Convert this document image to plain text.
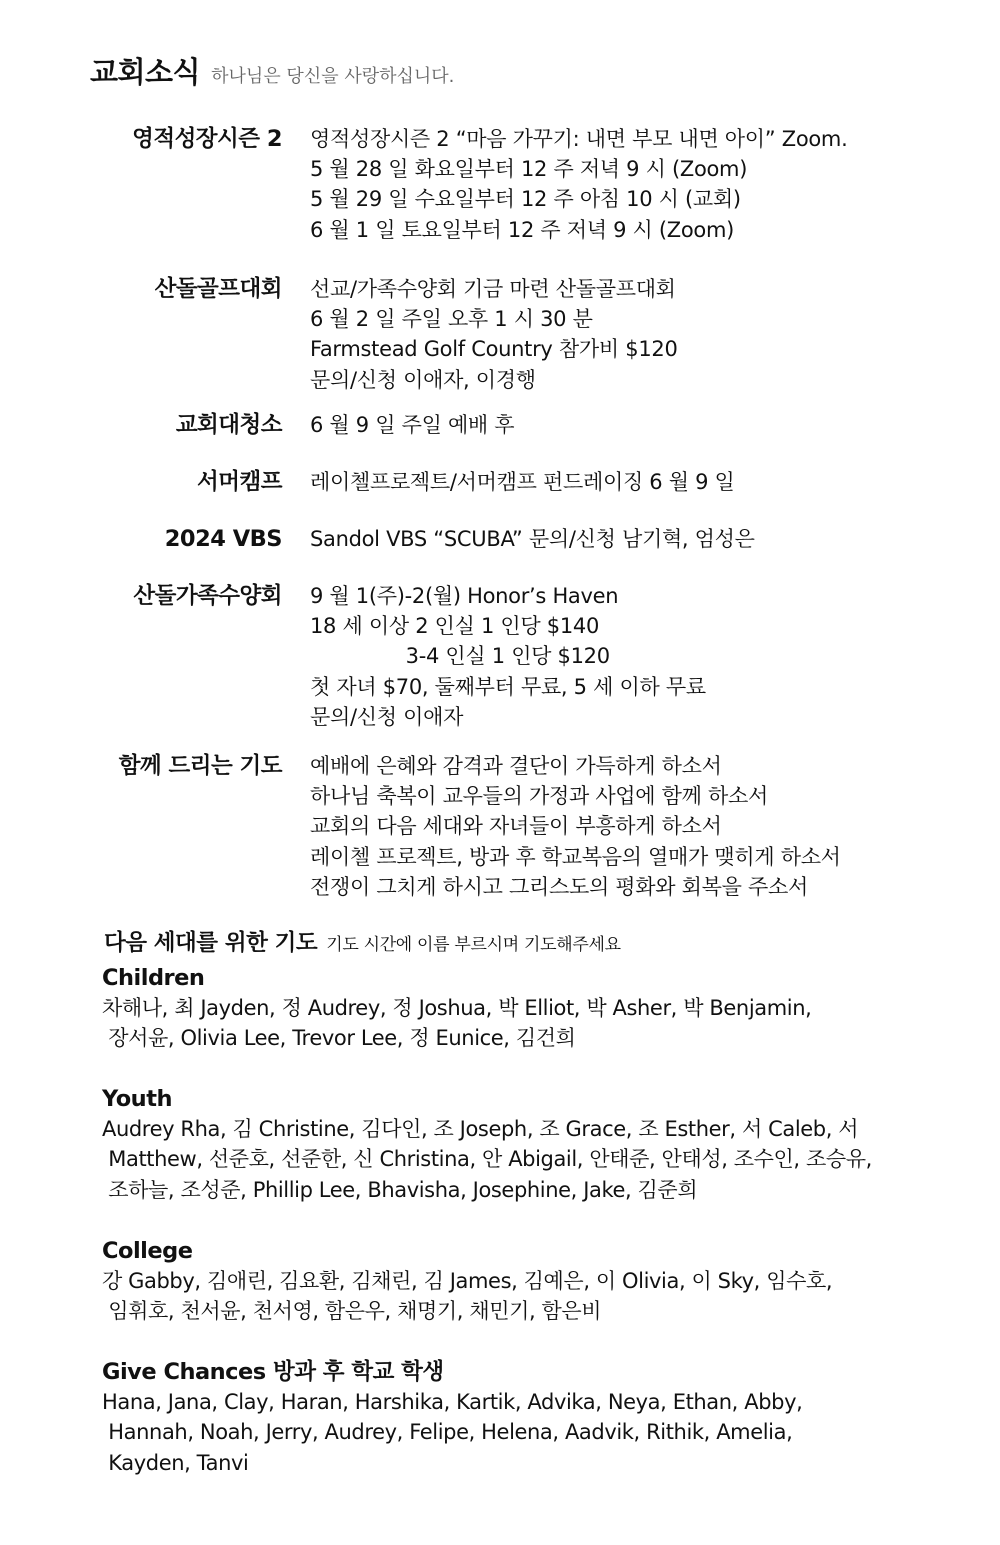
교회소식 하나님은 당신을 사랑하십니다.
영적성장시즌 2 영적성장시즌 2 “마음 가꾸기: 내면 부모 내면 아이” Zoom.
5 월 28 일 화요일부터 12 주 저녁 9 시 (Zoom)
5 월 29 일 수요일부터 12 주 아침 10 시 (교회)
6 월 1 일 토요일부터 12 주 저녁 9 시 (Zoom)
산돌골프대회 선교/가족수양회 기금 마련 산돌골프대회
6 월 2 일 주일 오후 1 시 30 분
Farmstead Golf Country 참가비 $120
문의/신청 이애자, 이경행
교회대청소 6 월 9 일 주일 예배 후
서머캠프 레이첼프로젝트/서머캠프 펀드레이징 6 월 9 일
2024 VBS Sandol VBS “SCUBA” 문의/신청 남기혁, 엄성은
산돌가족수양회 9 월 1(주)-2(월) Honor’s Haven
18 세 이상 2 인실 1 인당 $140
3-4 인실 1 인당 $120
첫 자녀 $70, 둘째부터 무료, 5 세 이하 무료
문의/신청 이애자
함께 드리는 기도 예배에 은혜와 감격과 결단이 가득하게 하소서
하나님 축복이 교우들의 가정과 사업에 함께 하소서
교회의 다음 세대와 자녀들이 부흥하게 하소서
레이첼 프로젝트, 방과 후 학교복음의 열매가 맺히게 하소서
전쟁이 그치게 하시고 그리스도의 평화와 회복을 주소서
다음 세대를 위한 기도 기도 시간에 이름 부르시며 기도해주세요
Children
차해나, 최 Jayden, 정 Audrey, 정 Joshua, 박 Elliot, 박 Asher, 박 Benjamin,
장서윤, Olivia Lee, Trevor Lee, 정 Eunice, 김건희
Youth
Audrey Rha, 김 Christine, 김다인, 조 Joseph, 조 Grace, 조 Esther, 서 Caleb, 서
Matthew, 선준호, 선준한, 신 Christina, 안 Abigail, 안태준, 안태성, 조수인, 조승유,
조하늘, 조성준, Phillip Lee, Bhavisha, Josephine, Jake, 김준희
College
강 Gabby, 김애린, 김요환, 김채린, 김 James, 김예은, 이 Olivia, 이 Sky, 임수호,
임휘호, 천서윤, 천서영, 함은우, 채명기, 채민기, 함은비
Give Chances 방과 후 학교 학생
Hana, Jana, Clay, Haran, Harshika, Kartik, Advika, Neya, Ethan, Abby,
Hannah, Noah, Jerry, Audrey, Felipe, Helena, Aadvik, Rithik, Amelia,
Kayden, Tanvi
